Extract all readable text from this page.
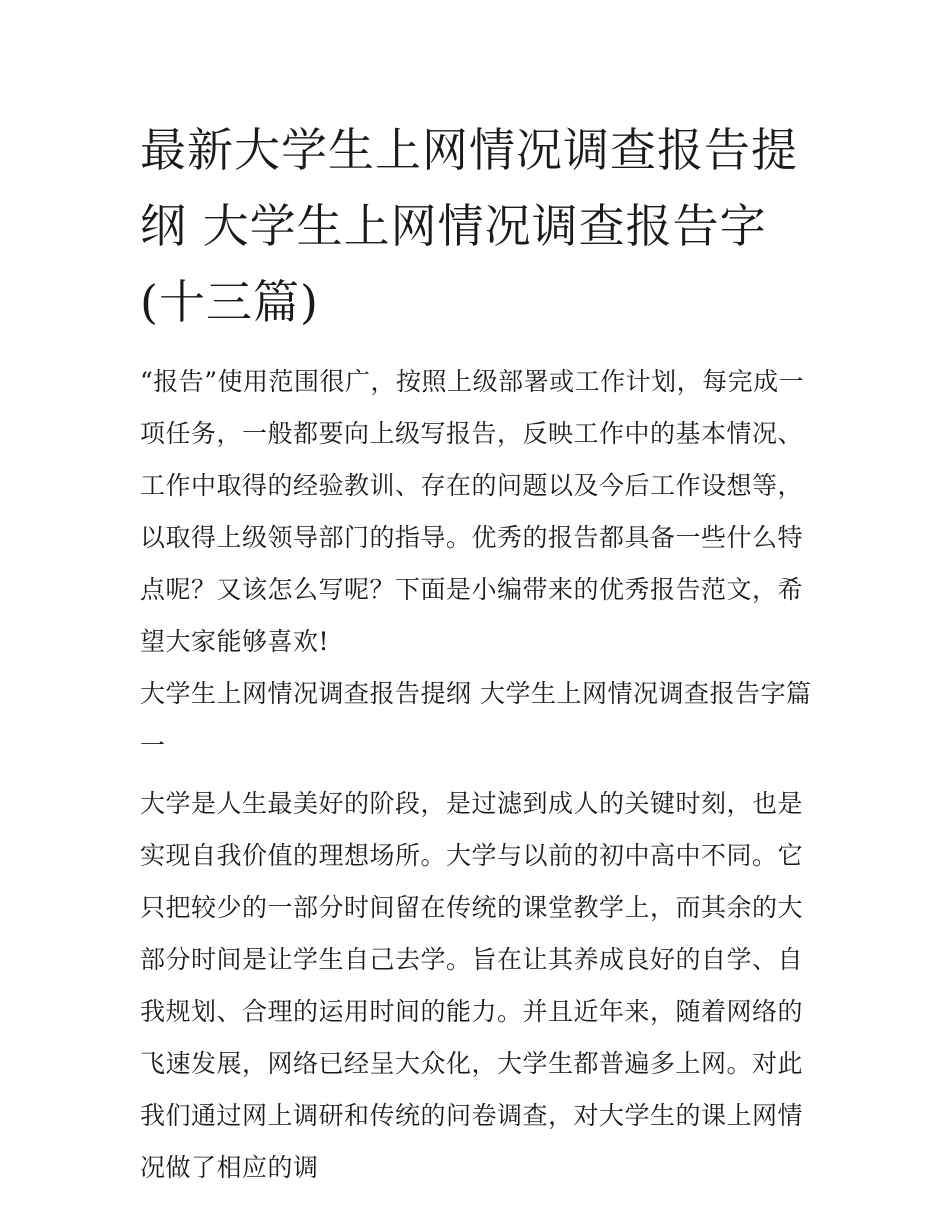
最新大学生上网情况调查报告提纲 大学生上网情况调查报告字(十三篇)

“报告”使用范围很广，按照上级部署或工作计划，每完成一项任务，一般都要向上级写报告，反映工作中的基本情况、工作中取得的经验教训、存在的问题以及今后工作设想等，以取得上级领导部门的指导。优秀的报告都具备一些什么特点呢？又该怎么写呢？下面是小编带来的优秀报告范文，希望大家能够喜欢!

大学生上网情况调查报告提纲 大学生上网情况调查报告字篇一

大学是人生最美好的阶段，是过滤到成人的关键时刻，也是实现自我价值的理想场所。大学与以前的初中高中不同。它只把较少的一部分时间留在传统的课堂教学上，而其余的大部分时间是让学生自己去学。旨在让其养成良好的自学、自我规划、合理的运用时间的能力。并且近年来，随着网络的飞速发展，网络已经呈大众化，大学生都普遍多上网。对此我们通过网上调研和传统的问卷调查，对大学生的课上网情况做了相应的调
